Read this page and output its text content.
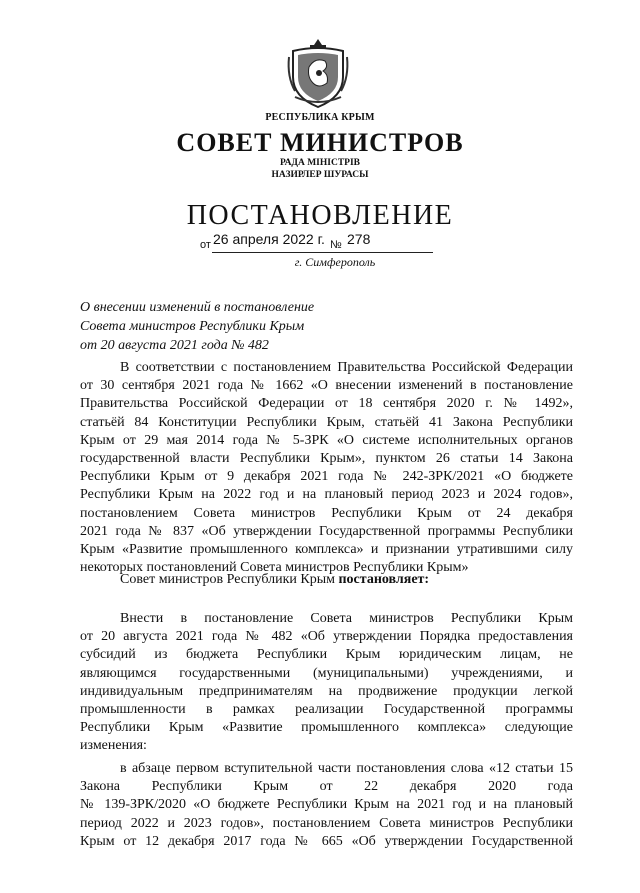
РЕСПУБЛИКА КРЫМ
СОВЕТ МИНИСТРОВ
РАДА МІНІСТРІВ
НАЗИРЛЕР ШУРАСЫ
ПОСТАНОВЛЕНИЕ
от 26 апреля 2022 г. № 278
г. Симферополь
О внесении изменений в постановление
Совета министров Республики Крым
от 20 августа 2021 года № 482
В соответствии с постановлением Правительства Российской Федерации
от 30 сентября 2021 года № 1662 «О внесении изменений в постановление
Правительства Российской Федерации от 18 сентября 2020 г. № 1492»,
статьёй 84 Конституции Республики Крым, статьёй 41 Закона Республики
Крым от 29 мая 2014 года № 5-ЗРК «О системе исполнительных органов
государственной власти Республики Крым», пунктом 26 статьи 14 Закона
Республики Крым от 9 декабря 2021 года № 242-ЗРК/2021 «О бюджете
Республики Крым на 2022 год и на плановый период 2023 и 2024 годов»,
постановлением Совета министров Республики Крым от 24 декабря
2021 года № 837 «Об утверждении Государственной программы Республики
Крым «Развитие промышленного комплекса» и признании утратившими силу
некоторых постановлений Совета министров Республики Крым»
Совет министров Республики Крым постановляет:
Внести в постановление Совета министров Республики Крым
от 20 августа 2021 года № 482 «Об утверждении Порядка предоставления
субсидий из бюджета Республики Крым юридическим лицам, не
являющимся государственными (муниципальными) учреждениями, и
индивидуальным предпринимателям на продвижение продукции легкой
промышленности в рамках реализации Государственной программы
Республики Крым «Развитие промышленного комплекса» следующие
изменения:
в абзаце первом вступительной части постановления слова «12 статьи 15
Закона Республики Крым от 22 декабря 2020 года
№ 139-ЗРК/2020 «О бюджете Республики Крым на 2021 год и на плановый
период 2022 и 2023 годов», постановлением Совета министров Республики
Крым от 12 декабря 2017 года № 665 «Об утверждении Государственной
